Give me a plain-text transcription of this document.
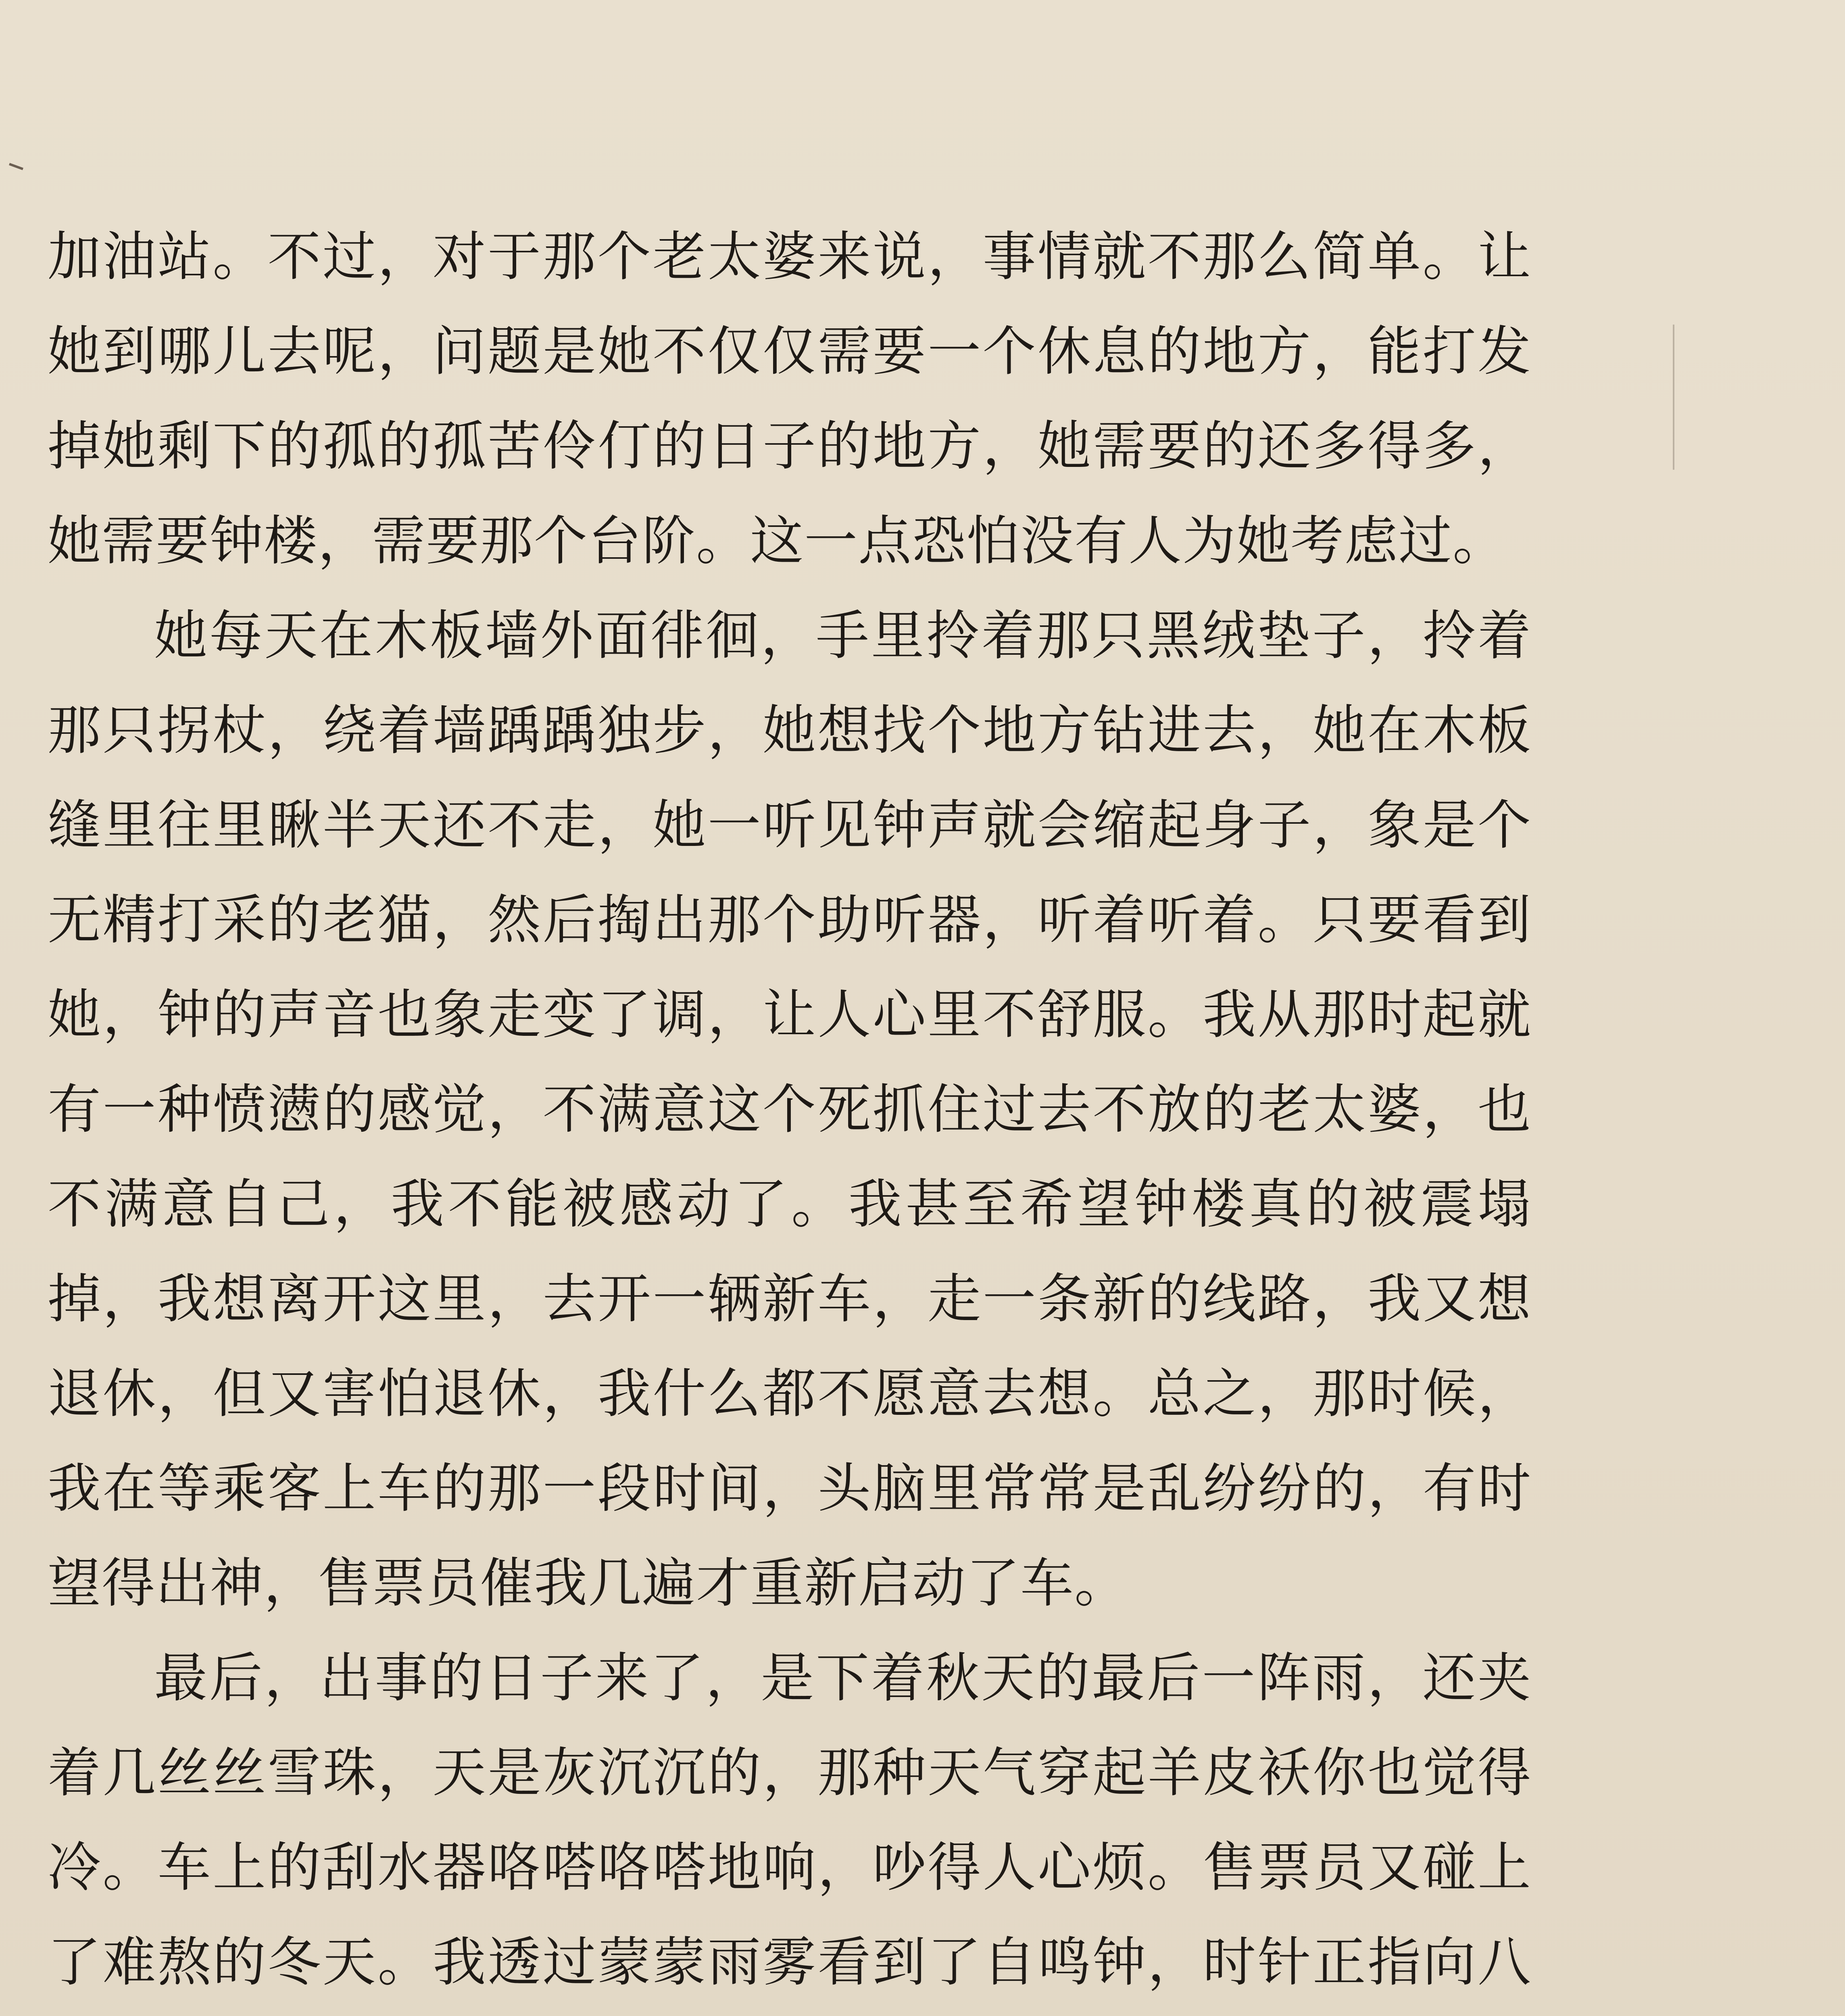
加油站。不过，对于那个老太婆来说，事情就不那么简单。让她到哪儿去呢，问题是她不仅仅需要一个休息的地方，能打发掉她剩下的孤的孤苦伶仃的日子的地方，她需要的还多得多，她需要钟楼，需要那个台阶。这一点恐怕没有人为她考虑过。

她每天在木板墙外面徘徊，手里拎着那只黑绒垫子，拎着那只拐杖，绕着墙踽踽独步，她想找个地方钻进去，她在木板缝里往里瞅半天还不走，她一听见钟声就会缩起身子，象是个无精打采的老猫，然后掏出那个助听器，听着听着。只要看到她，钟的声音也象走变了调，让人心里不舒服。我从那时起就有一种愤懑的感觉，不满意这个死抓住过去不放的老太婆，也不满意自己，我不能被感动了。我甚至希望钟楼真的被震塌掉，我想离开这里，去开一辆新车，走一条新的线路，我又想退休，但又害怕退休，我什么都不愿意去想。总之，那时候，我在等乘客上车的那一段时间，头脑里常常是乱纷纷的，有时望得出神，售票员催我几遍才重新启动了车。

最后，出事的日子来了，是下着秋天的最后一阵雨，还夹着几丝丝雪珠，天是灰沉沉的，那种天气穿起羊皮袄你也觉得冷。车上的刮水器咯嗒咯嗒地响，吵得人心烦。售票员又碰上了难熬的冬天。我透过蒙蒙雨雾看到了自鸣钟，时针正指向八
